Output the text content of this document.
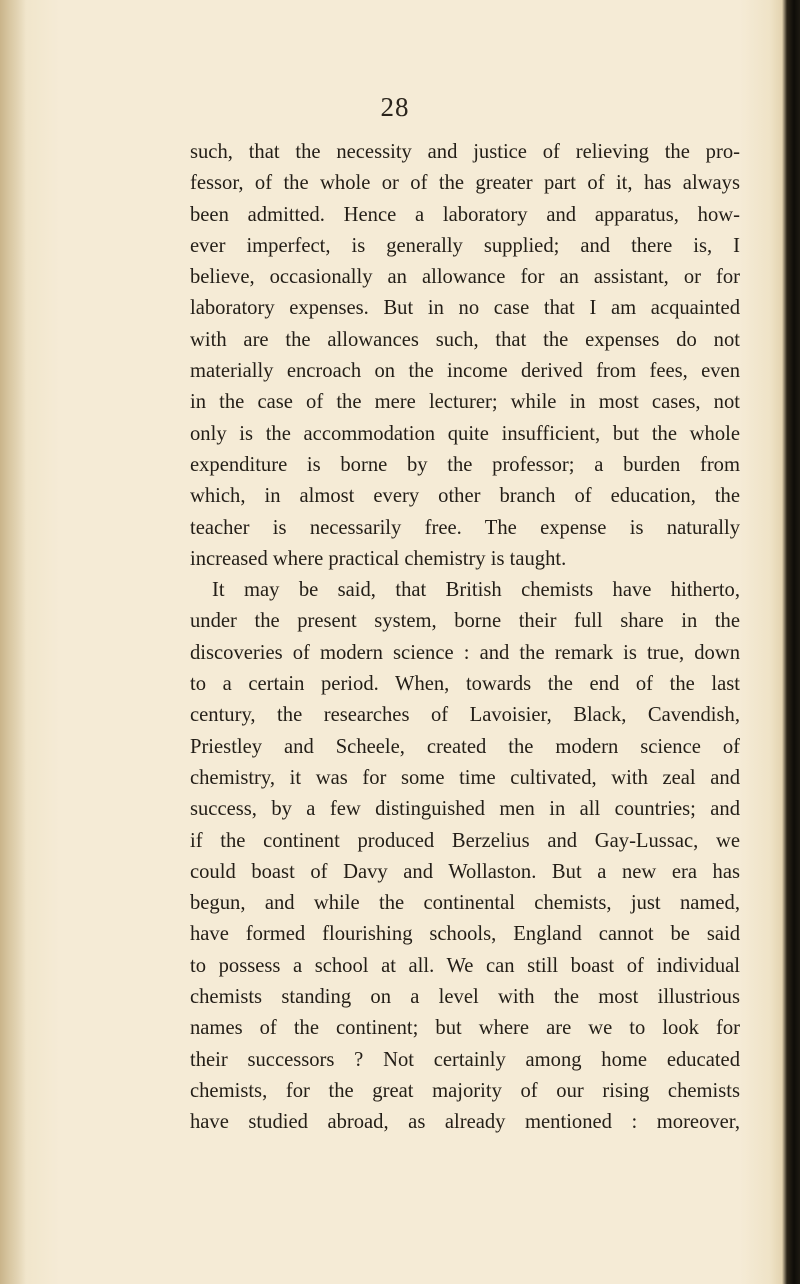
28
such, that the necessity and justice of relieving the pro-
fessor, of the whole or of the greater part of it, has always
been admitted. Hence a laboratory and apparatus, how-
ever imperfect, is generally supplied; and there is, I
believe, occasionally an allowance for an assistant, or for
laboratory expenses. But in no case that I am acquainted
with are the allowances such, that the expenses do not
materially encroach on the income derived from fees, even
in the case of the mere lecturer; while in most cases, not
only is the accommodation quite insufficient, but the whole
expenditure is borne by the professor; a burden from
which, in almost every other branch of education, the
teacher is necessarily free. The expense is naturally
increased where practical chemistry is taught.
It may be said, that British chemists have hitherto,
under the present system, borne their full share in the
discoveries of modern science : and the remark is true, down
to a certain period. When, towards the end of the last
century, the researches of Lavoisier, Black, Cavendish,
Priestley and Scheele, created the modern science of
chemistry, it was for some time cultivated, with zeal and
success, by a few distinguished men in all countries; and
if the continent produced Berzelius and Gay-Lussac, we
could boast of Davy and Wollaston. But a new era has
begun, and while the continental chemists, just named,
have formed flourishing schools, England cannot be said
to possess a school at all. We can still boast of individual
chemists standing on a level with the most illustrious
names of the continent; but where are we to look for
their successors ? Not certainly among home educated
chemists, for the great majority of our rising chemists
have studied abroad, as already mentioned : moreover,
